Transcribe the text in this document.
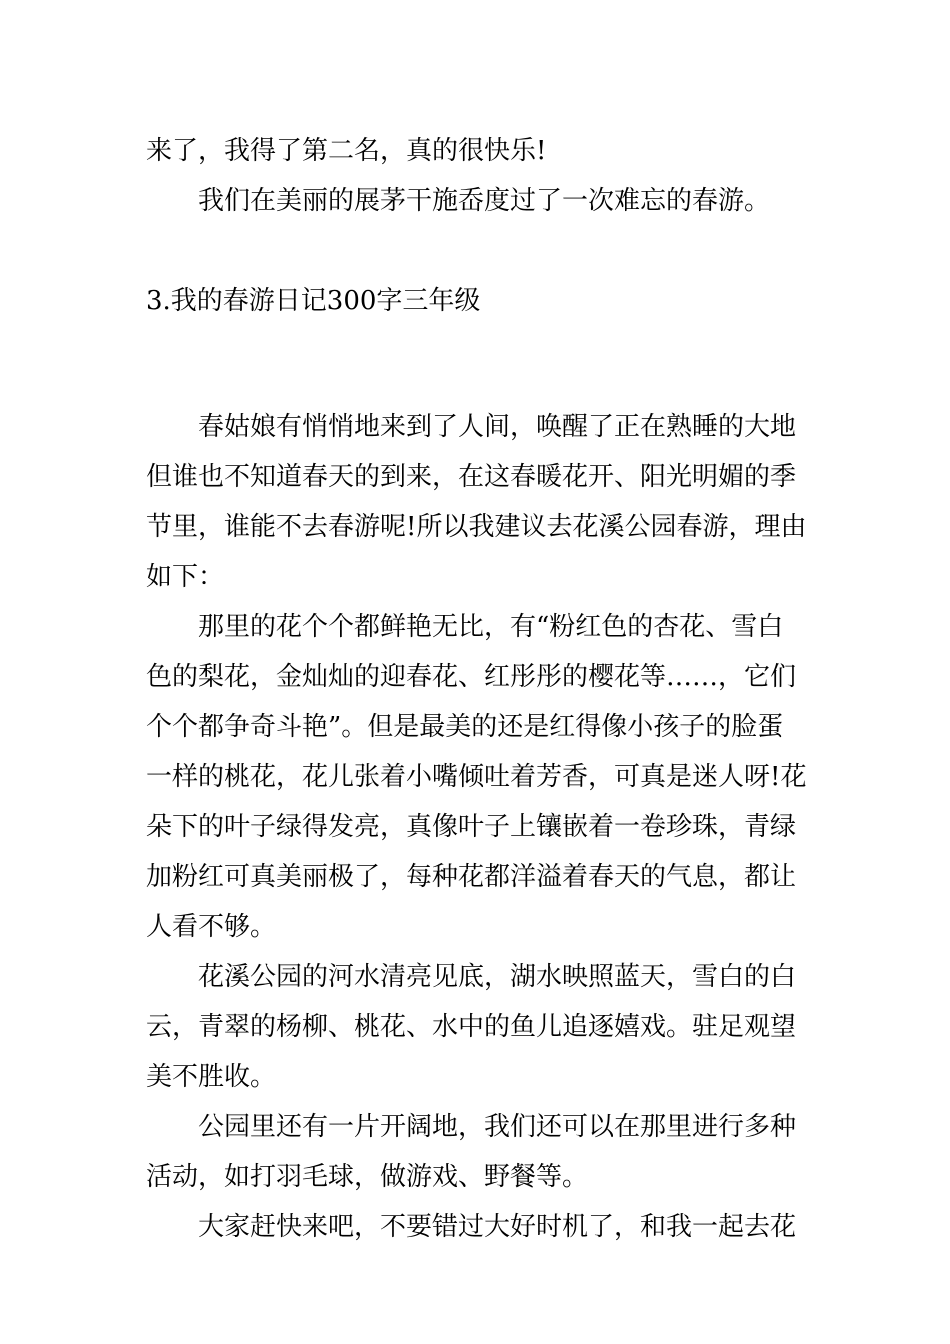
来了，我得了第二名，真的很快乐!
我们在美丽的展茅干施岙度过了一次难忘的春游。
3.我的春游日记300字三年级
春姑娘有悄悄地来到了人间，唤醒了正在熟睡的大地
但谁也不知道春天的到来，在这春暖花开、阳光明媚的季
节里，谁能不去春游呢!所以我建议去花溪公园春游，理由
如下：
那里的花个个都鲜艳无比，有“粉红色的杏花、雪白
色的梨花，金灿灿的迎春花、红彤彤的樱花等……，它们
个个都争奇斗艳”。但是最美的还是红得像小孩子的脸蛋
一样的桃花，花儿张着小嘴倾吐着芳香，可真是迷人呀!花
朵下的叶子绿得发亮，真像叶子上镶嵌着一卷珍珠，青绿
加粉红可真美丽极了，每种花都洋溢着春天的气息，都让
人看不够。
花溪公园的河水清亮见底，湖水映照蓝天，雪白的白
云，青翠的杨柳、桃花、水中的鱼儿追逐嬉戏。驻足观望
美不胜收。
公园里还有一片开阔地，我们还可以在那里进行多种
活动，如打羽毛球，做游戏、野餐等。
大家赶快来吧，不要错过大好时机了，和我一起去花
